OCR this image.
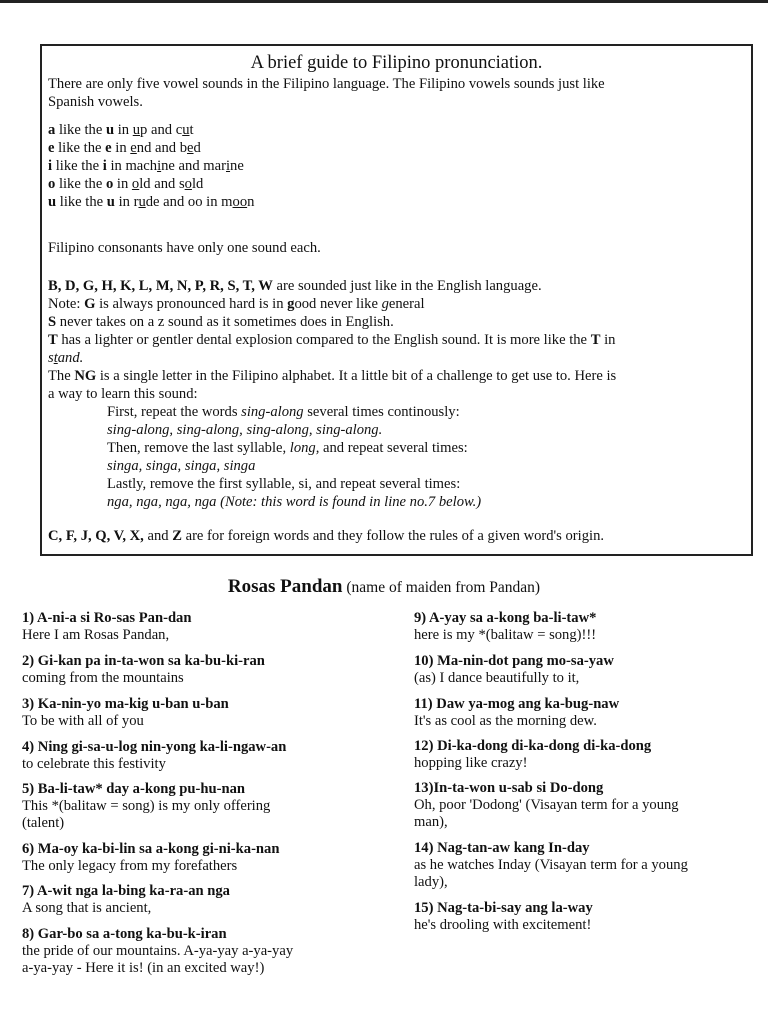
A brief guide to Filipino pronunciation.
There are only five vowel sounds in the Filipino language. The Filipino vowels sounds just like
Spanish vowels.
a like the u in up and cut
e like the e in end and bed
i like the i in machine and marine
o like the o in old and sold
u like the u in rude and oo in moon
Filipino consonants have only one sound each.
B, D, G, H, K, L, M, N, P, R, S, T, W are sounded just like in the English language.
Note: G is always pronounced hard is in good never like general
S never takes on a z sound as it sometimes does in English.
T has a lighter or gentler dental explosion compared to the English sound. It is more like the T in
stand.
The NG is a single letter in the Filipino alphabet. It a little bit of a challenge to get use to. Here is
a way to learn this sound:
First, repeat the words sing-along several times continously:
sing-along, sing-along, sing-along, sing-along.
Then, remove the last syllable, long, and repeat several times:
singa, singa, singa, singa
Lastly, remove the first syllable, si, and repeat several times:
nga, nga, nga, nga (Note: this word is found in line no.7 below.)
C, F, J, Q, V, X, and Z are for foreign words and they follow the rules of a given word's origin.
Rosas Pandan (name of maiden from Pandan)
1) A-ni-a si Ro-sas Pan-dan
Here I am Rosas Pandan,
2) Gi-kan pa in-ta-won sa ka-bu-ki-ran
coming from the mountains
3) Ka-nin-yo ma-kig u-ban u-ban
To be with all of you
4) Ning gi-sa-u-log nin-yong ka-li-ngaw-an
to celebrate this festivity
5) Ba-li-taw* day a-kong pu-hu-nan
This *(balitaw = song) is my only offering
(talent)
6) Ma-oy ka-bi-lin sa a-kong gi-ni-ka-nan
The only legacy from my forefathers
7) A-wit nga la-bing ka-ra-an nga
A song that is ancient,
8) Gar-bo sa a-tong ka-bu-k-iran
the pride of our mountains. A-ya-yay a-ya-yay
a-ya-yay - Here it is! (in an excited way!)
9) A-yay sa a-kong ba-li-taw*
here is my *(balitaw = song)!!!
10) Ma-nin-dot pang mo-sa-yaw
(as) I dance beautifully to it,
11) Daw ya-mog ang ka-bug-naw
It's as cool as the morning dew.
12) Di-ka-dong di-ka-dong di-ka-dong
hopping like crazy!
13)In-ta-won u-sab si Do-dong
Oh, poor 'Dodong' (Visayan term for a young
man),
14) Nag-tan-aw kang In-day
as he watches Inday (Visayan term for a young
lady),
15) Nag-ta-bi-say ang la-way
he's drooling with excitement!
